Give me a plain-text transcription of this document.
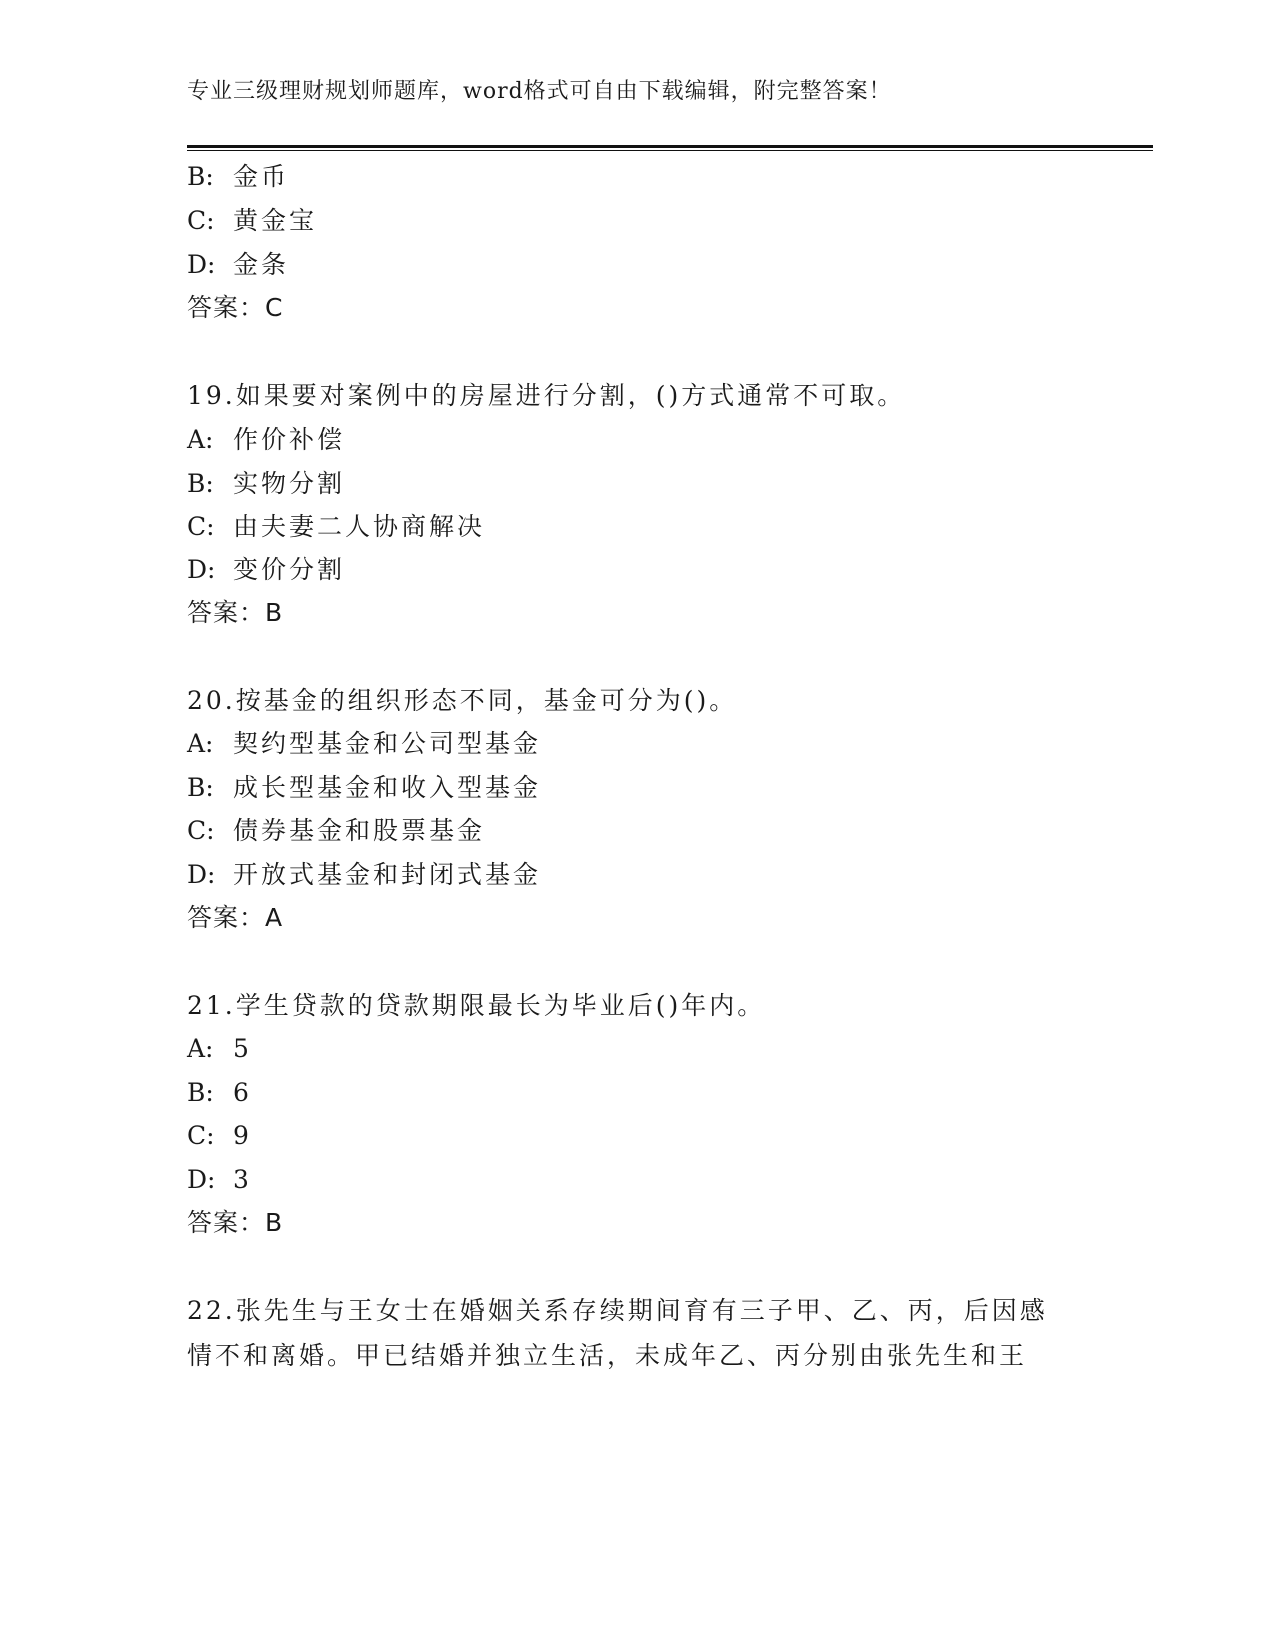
专业三级理财规划师题库，word格式可自由下载编辑，附完整答案！
B: 金币
C: 黄金宝
D: 金条
答案：C
19.如果要对案例中的房屋进行分割，()方式通常不可取。
A: 作价补偿
B: 实物分割
C: 由夫妻二人协商解决
D: 变价分割
答案：B
20.按基金的组织形态不同，基金可分为()。
A: 契约型基金和公司型基金
B: 成长型基金和收入型基金
C: 债券基金和股票基金
D: 开放式基金和封闭式基金
答案：A
21.学生贷款的贷款期限最长为毕业后()年内。
A: 5
B: 6
C: 9
D: 3
答案：B
22.张先生与王女士在婚姻关系存续期间育有三子甲、乙、丙，后因感
情不和离婚。甲已结婚并独立生活，未成年乙、丙分别由张先生和王
